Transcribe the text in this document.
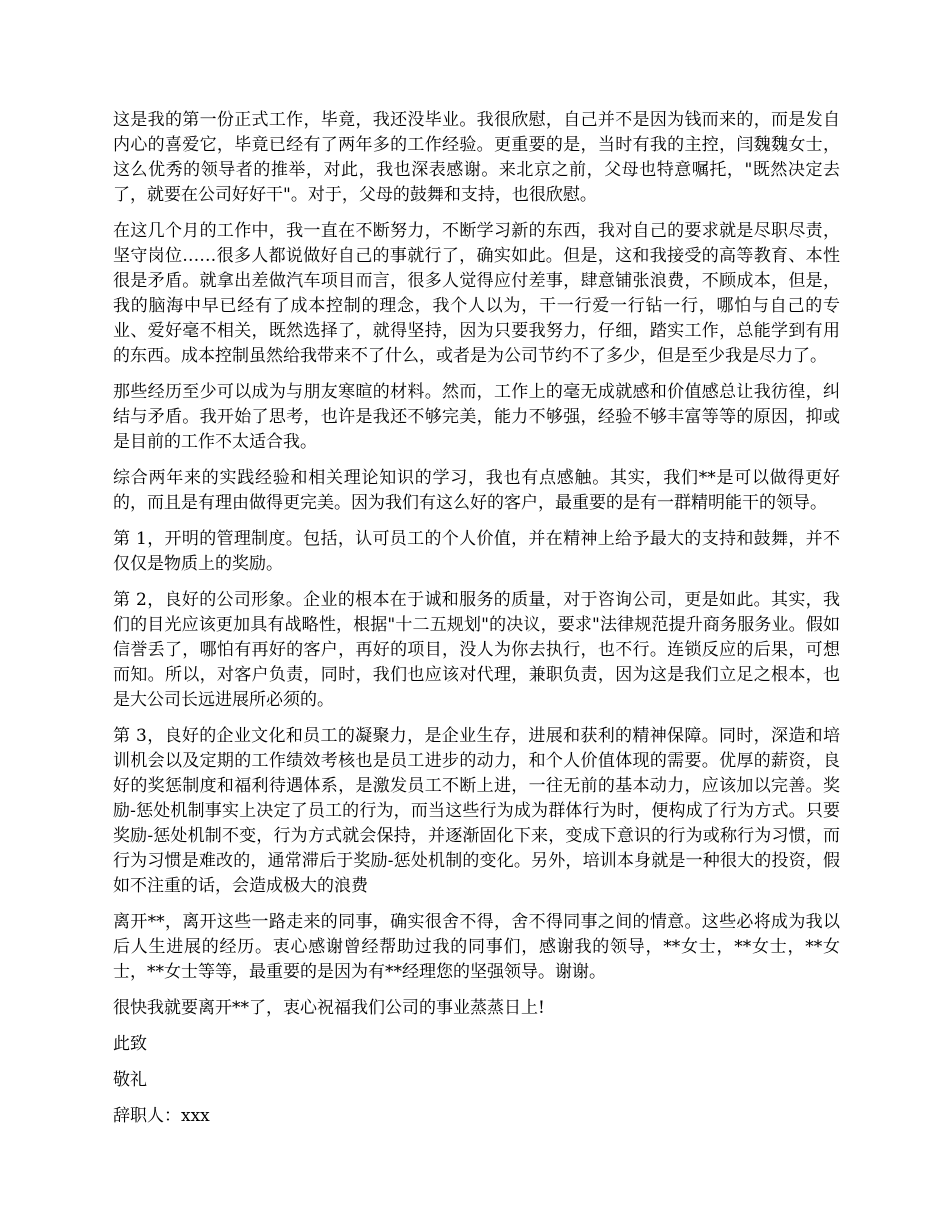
这是我的第一份正式工作，毕竟，我还没毕业。我很欣慰，自己并不是因为钱而来的，而是发自内心的喜爱它，毕竟已经有了两年多的工作经验。更重要的是，当时有我的主控，闫魏魏女士，这么优秀的领导者的推举，对此，我也深表感谢。来北京之前，父母也特意嘱托，"既然决定去了，就要在公司好好干"。对于，父母的鼓舞和支持，也很欣慰。

在这几个月的工作中，我一直在不断努力，不断学习新的东西，我对自己的要求就是尽职尽责，坚守岗位……很多人都说做好自己的事就行了，确实如此。但是，这和我接受的高等教育、本性很是矛盾。就拿出差做汽车项目而言，很多人觉得应付差事，肆意铺张浪费，不顾成本，但是，我的脑海中早已经有了成本控制的理念，我个人以为，干一行爱一行钻一行，哪怕与自己的专业、爱好毫不相关，既然选择了，就得坚持，因为只要我努力，仔细，踏实工作，总能学到有用的东西。成本控制虽然给我带来不了什么，或者是为公司节约不了多少，但是至少我是尽力了。

那些经历至少可以成为与朋友寒暄的材料。然而，工作上的毫无成就感和价值感总让我彷徨，纠结与矛盾。我开始了思考，也许是我还不够完美，能力不够强，经验不够丰富等等的原因，抑或是目前的工作不太适合我。

综合两年来的实践经验和相关理论知识的学习，我也有点感触。其实，我们**是可以做得更好的，而且是有理由做得更完美。因为我们有这么好的客户，最重要的是有一群精明能干的领导。

第 1，开明的管理制度。包括，认可员工的个人价值，并在精神上给予最大的支持和鼓舞，并不仅仅是物质上的奖励。

第 2，良好的公司形象。企业的根本在于诚和服务的质量，对于咨询公司，更是如此。其实，我们的目光应该更加具有战略性，根据"十二五规划"的决议，要求"法律规范提升商务服务业。假如信誉丢了，哪怕有再好的客户，再好的项目，没人为你去执行，也不行。连锁反应的后果，可想而知。所以，对客户负责，同时，我们也应该对代理，兼职负责，因为这是我们立足之根本，也是大公司长远进展所必须的。

第 3，良好的企业文化和员工的凝聚力，是企业生存，进展和获利的精神保障。同时，深造和培训机会以及定期的工作绩效考核也是员工进步的动力，和个人价值体现的需要。优厚的薪资，良好的奖惩制度和福利待遇体系，是激发员工不断上进，一往无前的基本动力，应该加以完善。奖励-惩处机制事实上决定了员工的行为，而当这些行为成为群体行为时，便构成了行为方式。只要奖励-惩处机制不变，行为方式就会保持，并逐渐固化下来，变成下意识的行为或称行为习惯，而行为习惯是难改的，通常滞后于奖励-惩处机制的变化。另外，培训本身就是一种很大的投资，假如不注重的话，会造成极大的浪费

离开**，离开这些一路走来的同事，确实很舍不得，舍不得同事之间的情意。这些必将成为我以后人生进展的经历。衷心感谢曾经帮助过我的同事们，感谢我的领导，**女士，**女士，**女士，**女士等等，最重要的是因为有**经理您的坚强领导。谢谢。

很快我就要离开**了，衷心祝福我们公司的事业蒸蒸日上!

此致

敬礼

辞职人：xxx
